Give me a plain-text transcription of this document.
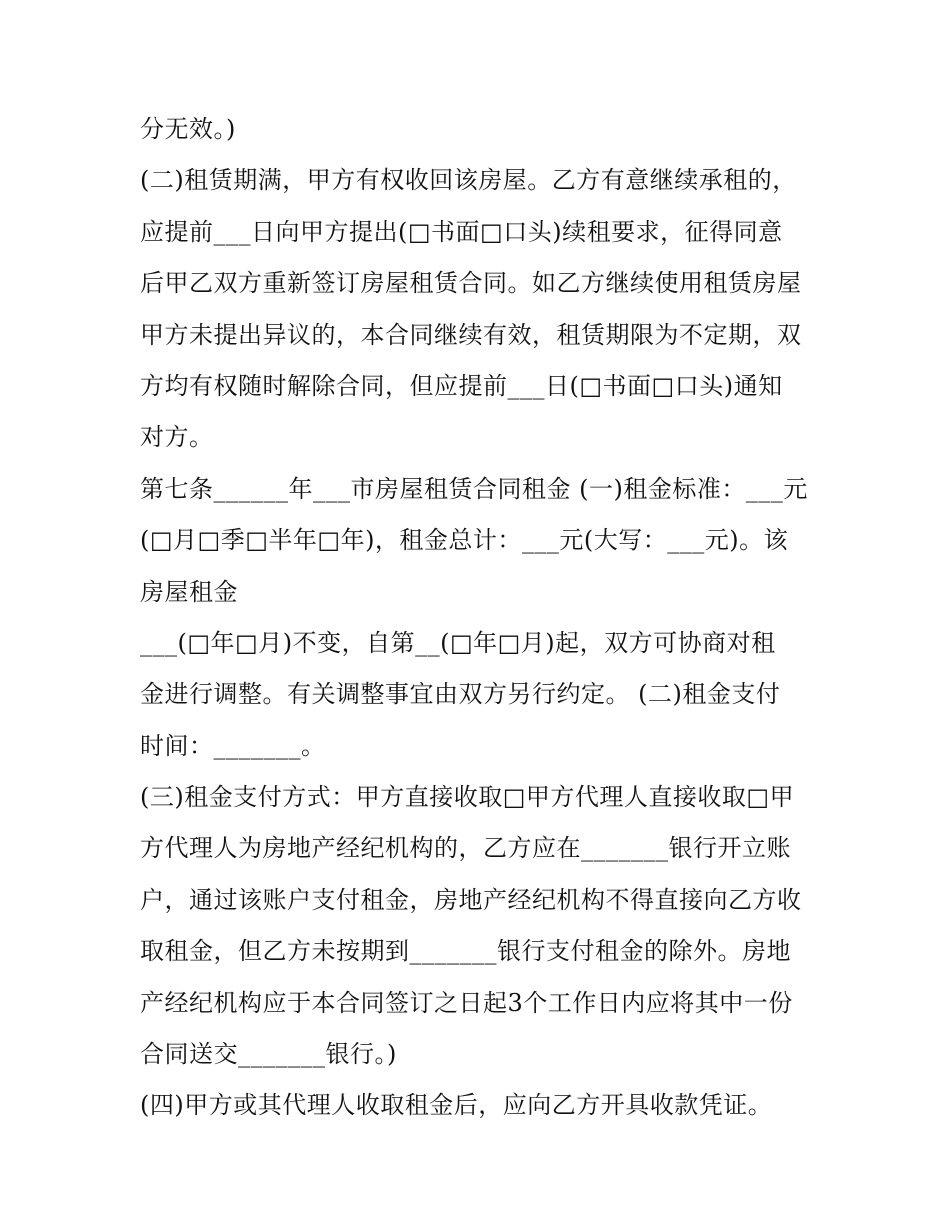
分无效。)
(二)租赁期满，甲方有权收回该房屋。乙方有意继续承租的，
应提前___日向甲方提出(□书面□口头)续租要求，征得同意
后甲乙双方重新签订房屋租赁合同。如乙方继续使用租赁房屋
甲方未提出异议的，本合同继续有效，租赁期限为不定期，双
方均有权随时解除合同，但应提前___日(□书面□口头)通知
对方。
第七条______年___市房屋租赁合同租金 (一)租金标准：___元
(□月□季□半年□年)，租金总计：___元(大写：___元)。该
房屋租金
___(□年□月)不变，自第__(□年□月)起，双方可协商对租
金进行调整。有关调整事宜由双方另行约定。 (二)租金支付
时间：_______。
(三)租金支付方式：甲方直接收取□甲方代理人直接收取□甲
方代理人为房地产经纪机构的，乙方应在_______银行开立账
户，通过该账户支付租金，房地产经纪机构不得直接向乙方收
取租金，但乙方未按期到_______银行支付租金的除外。房地
产经纪机构应于本合同签订之日起3个工作日内应将其中一份
合同送交_______银行。)
(四)甲方或其代理人收取租金后，应向乙方开具收款凭证。
